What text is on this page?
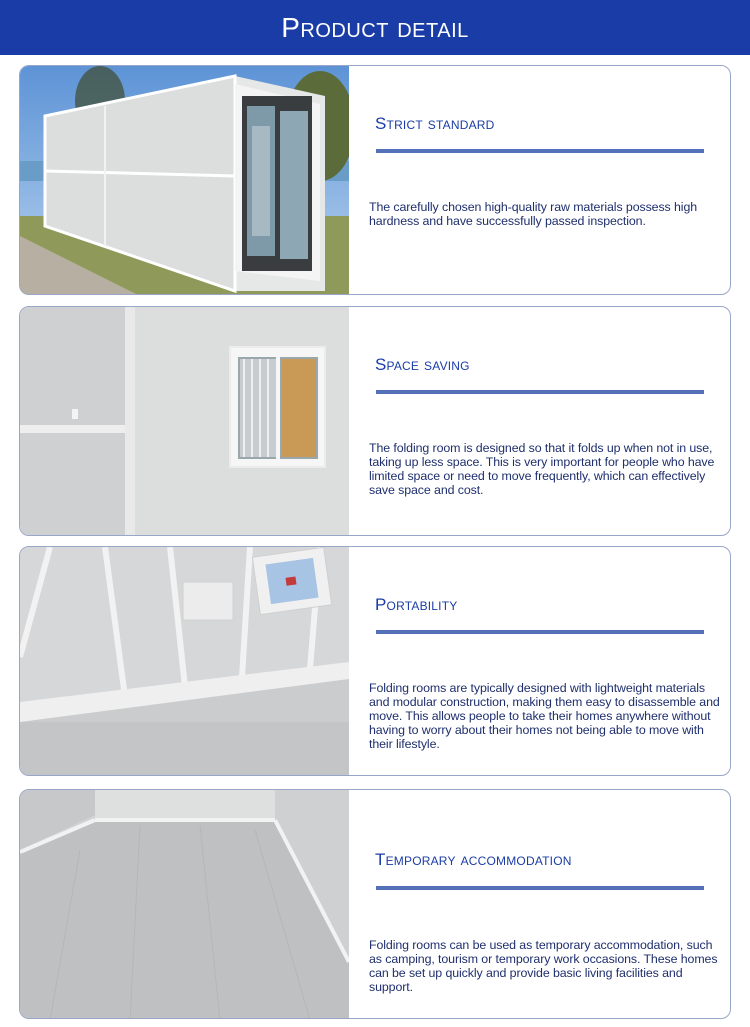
Product detail
Strict standard
The carefully chosen high-quality raw materials possess high hardness and have successfully passed inspection.
Space saving
The folding room is designed so that it folds up when not in use, taking up less space. This is very important for people who have limited space or need to move frequently, which can effectively save space and cost.
Portability
Folding rooms are typically designed with lightweight materials and modular construction, making them easy to disassemble and move. This allows people to take their homes anywhere without having to worry about their homes not being able to move with their lifestyle.
Temporary accommodation
Folding rooms can be used as temporary accommodation, such as camping, tourism or temporary work occasions. These homes can be set up quickly and provide basic living facilities and support.
